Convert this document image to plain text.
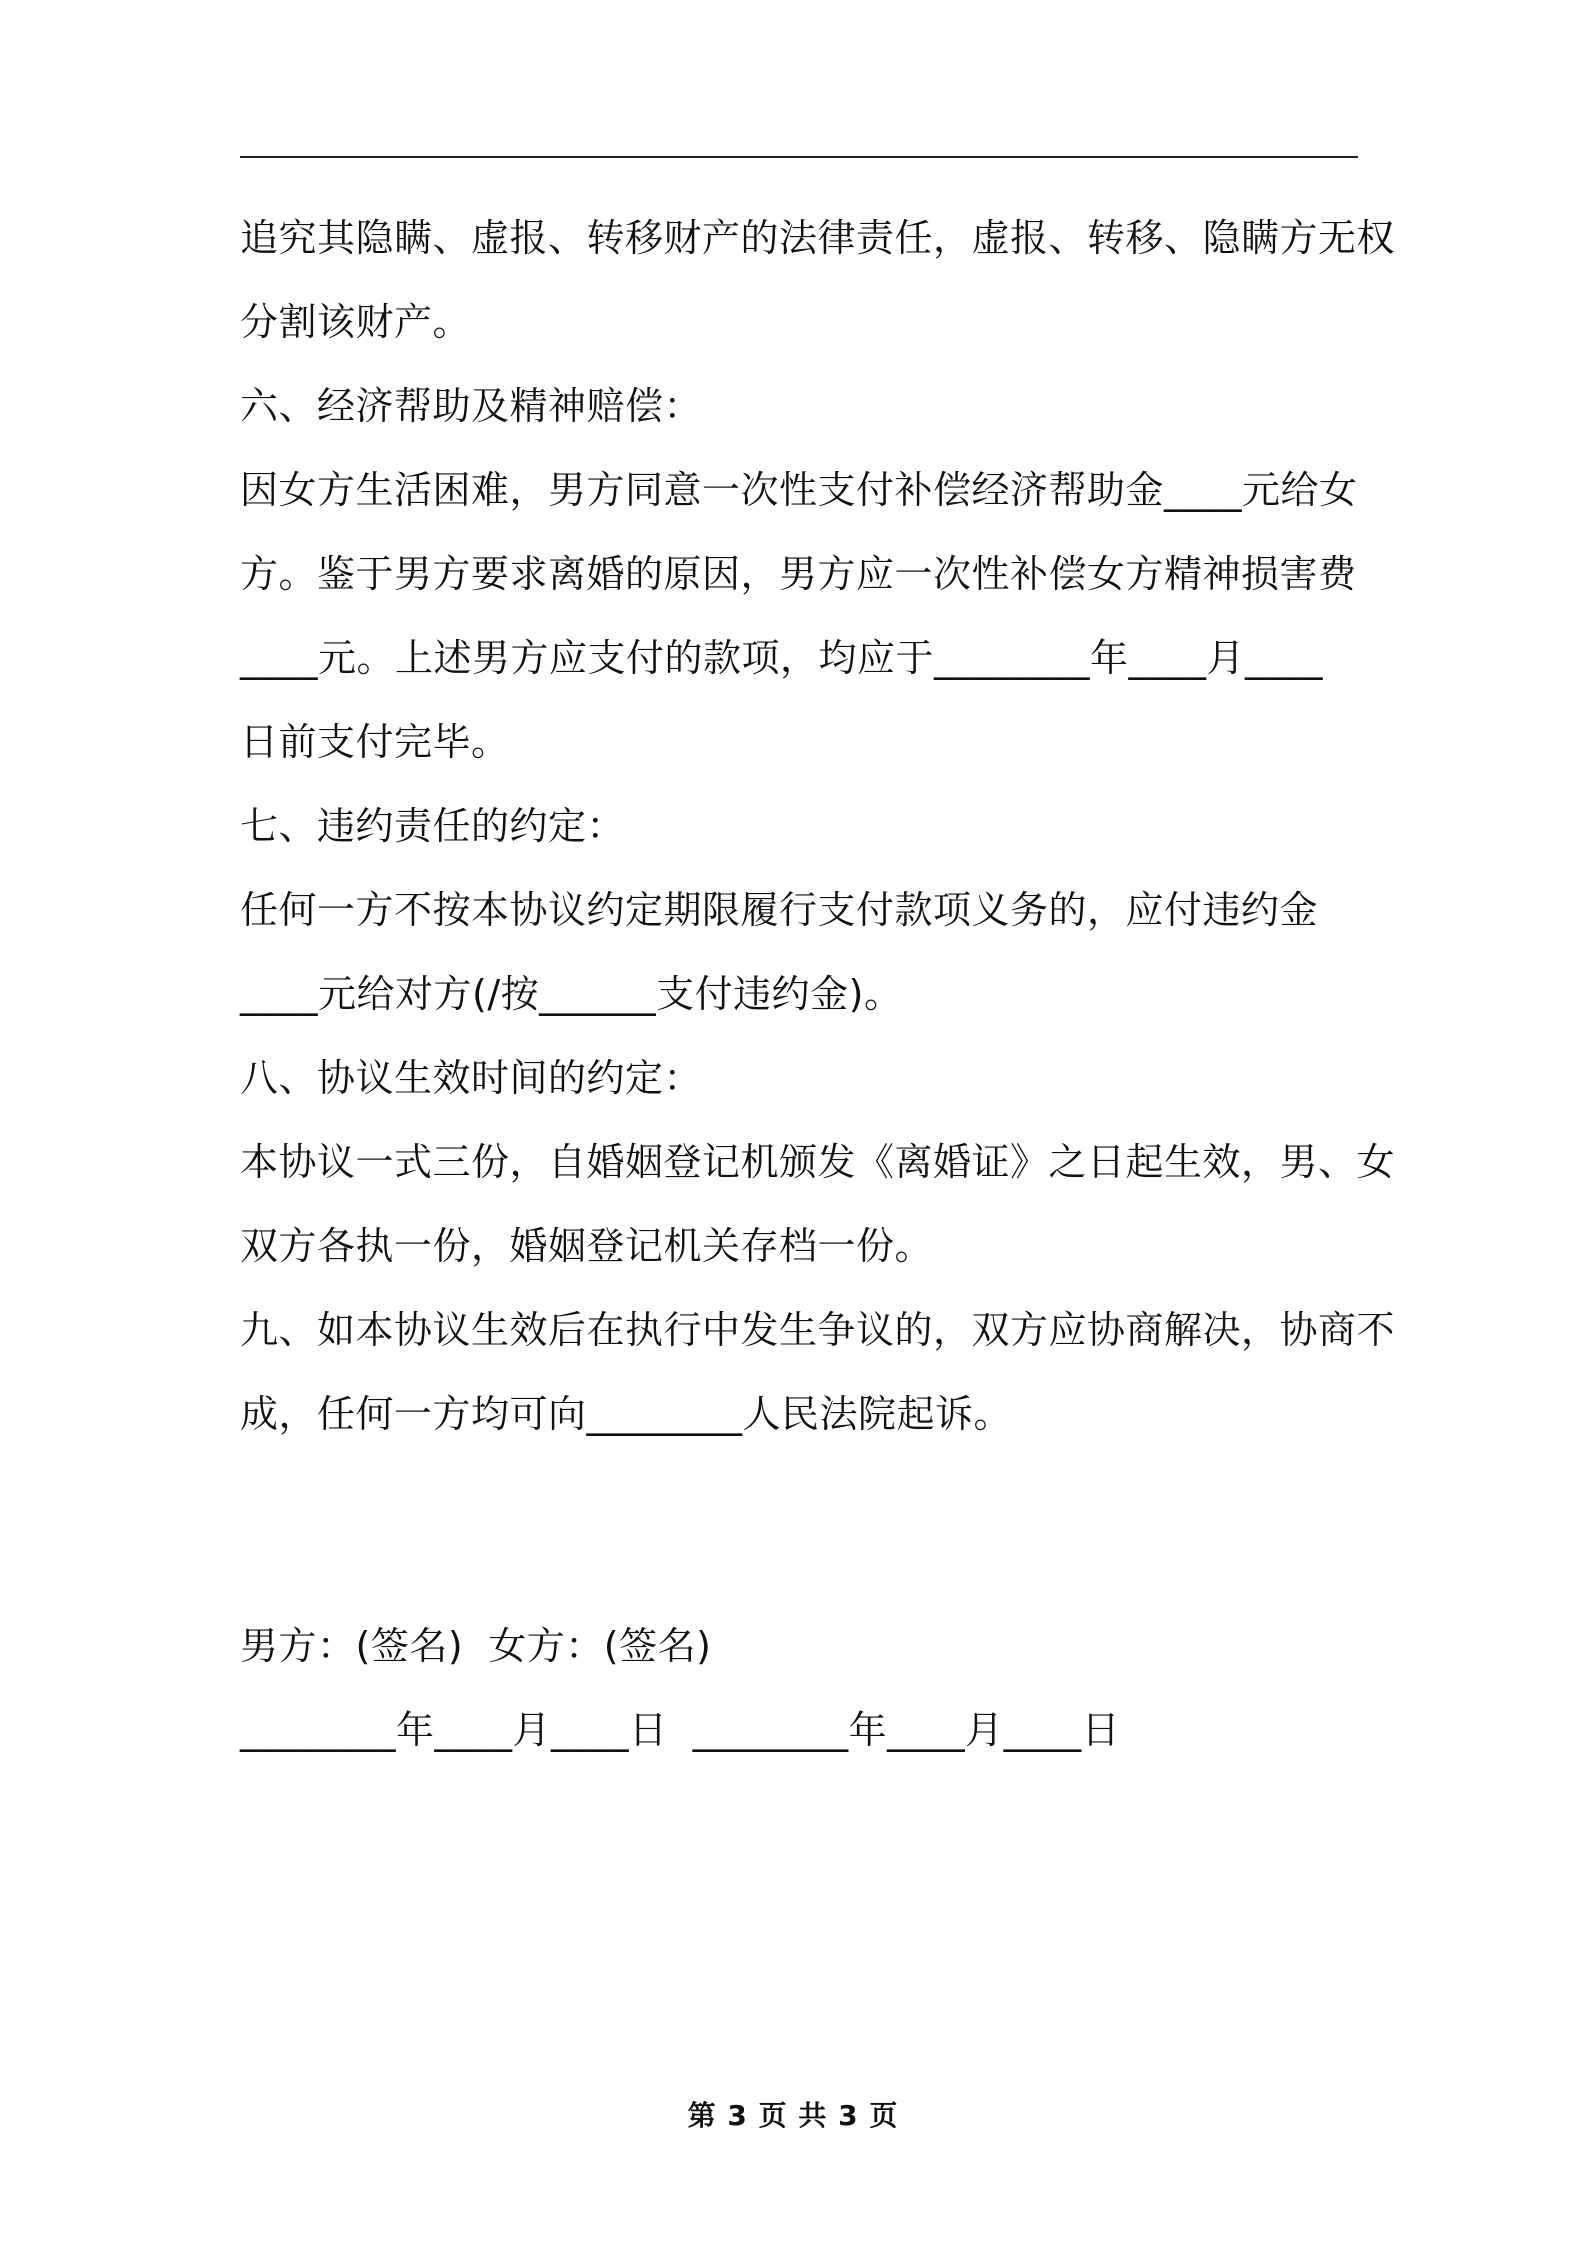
追究其隐瞒、虚报、转移财产的法律责任，虚报、转移、隐瞒方无权
分割该财产。
六、经济帮助及精神赔偿：
因女方生活困难，男方同意一次性支付补偿经济帮助金____元给女
方。鉴于男方要求离婚的原因，男方应一次性补偿女方精神损害费
____元。上述男方应支付的款项，均应于________年____月____
日前支付完毕。
七、违约责任的约定：
任何一方不按本协议约定期限履行支付款项义务的，应付违约金
____元给对方(/按______支付违约金)。
八、协议生效时间的约定：
本协议一式三份，自婚姻登记机颁发《离婚证》之日起生效，男、女
双方各执一份，婚姻登记机关存档一份。
九、如本协议生效后在执行中发生争议的，双方应协商解决，协商不
成，任何一方均可向________人民法院起诉。
男方：(签名)  女方：(签名)
________年____月____日  ________年____月____日
第 3 页 共 3 页
